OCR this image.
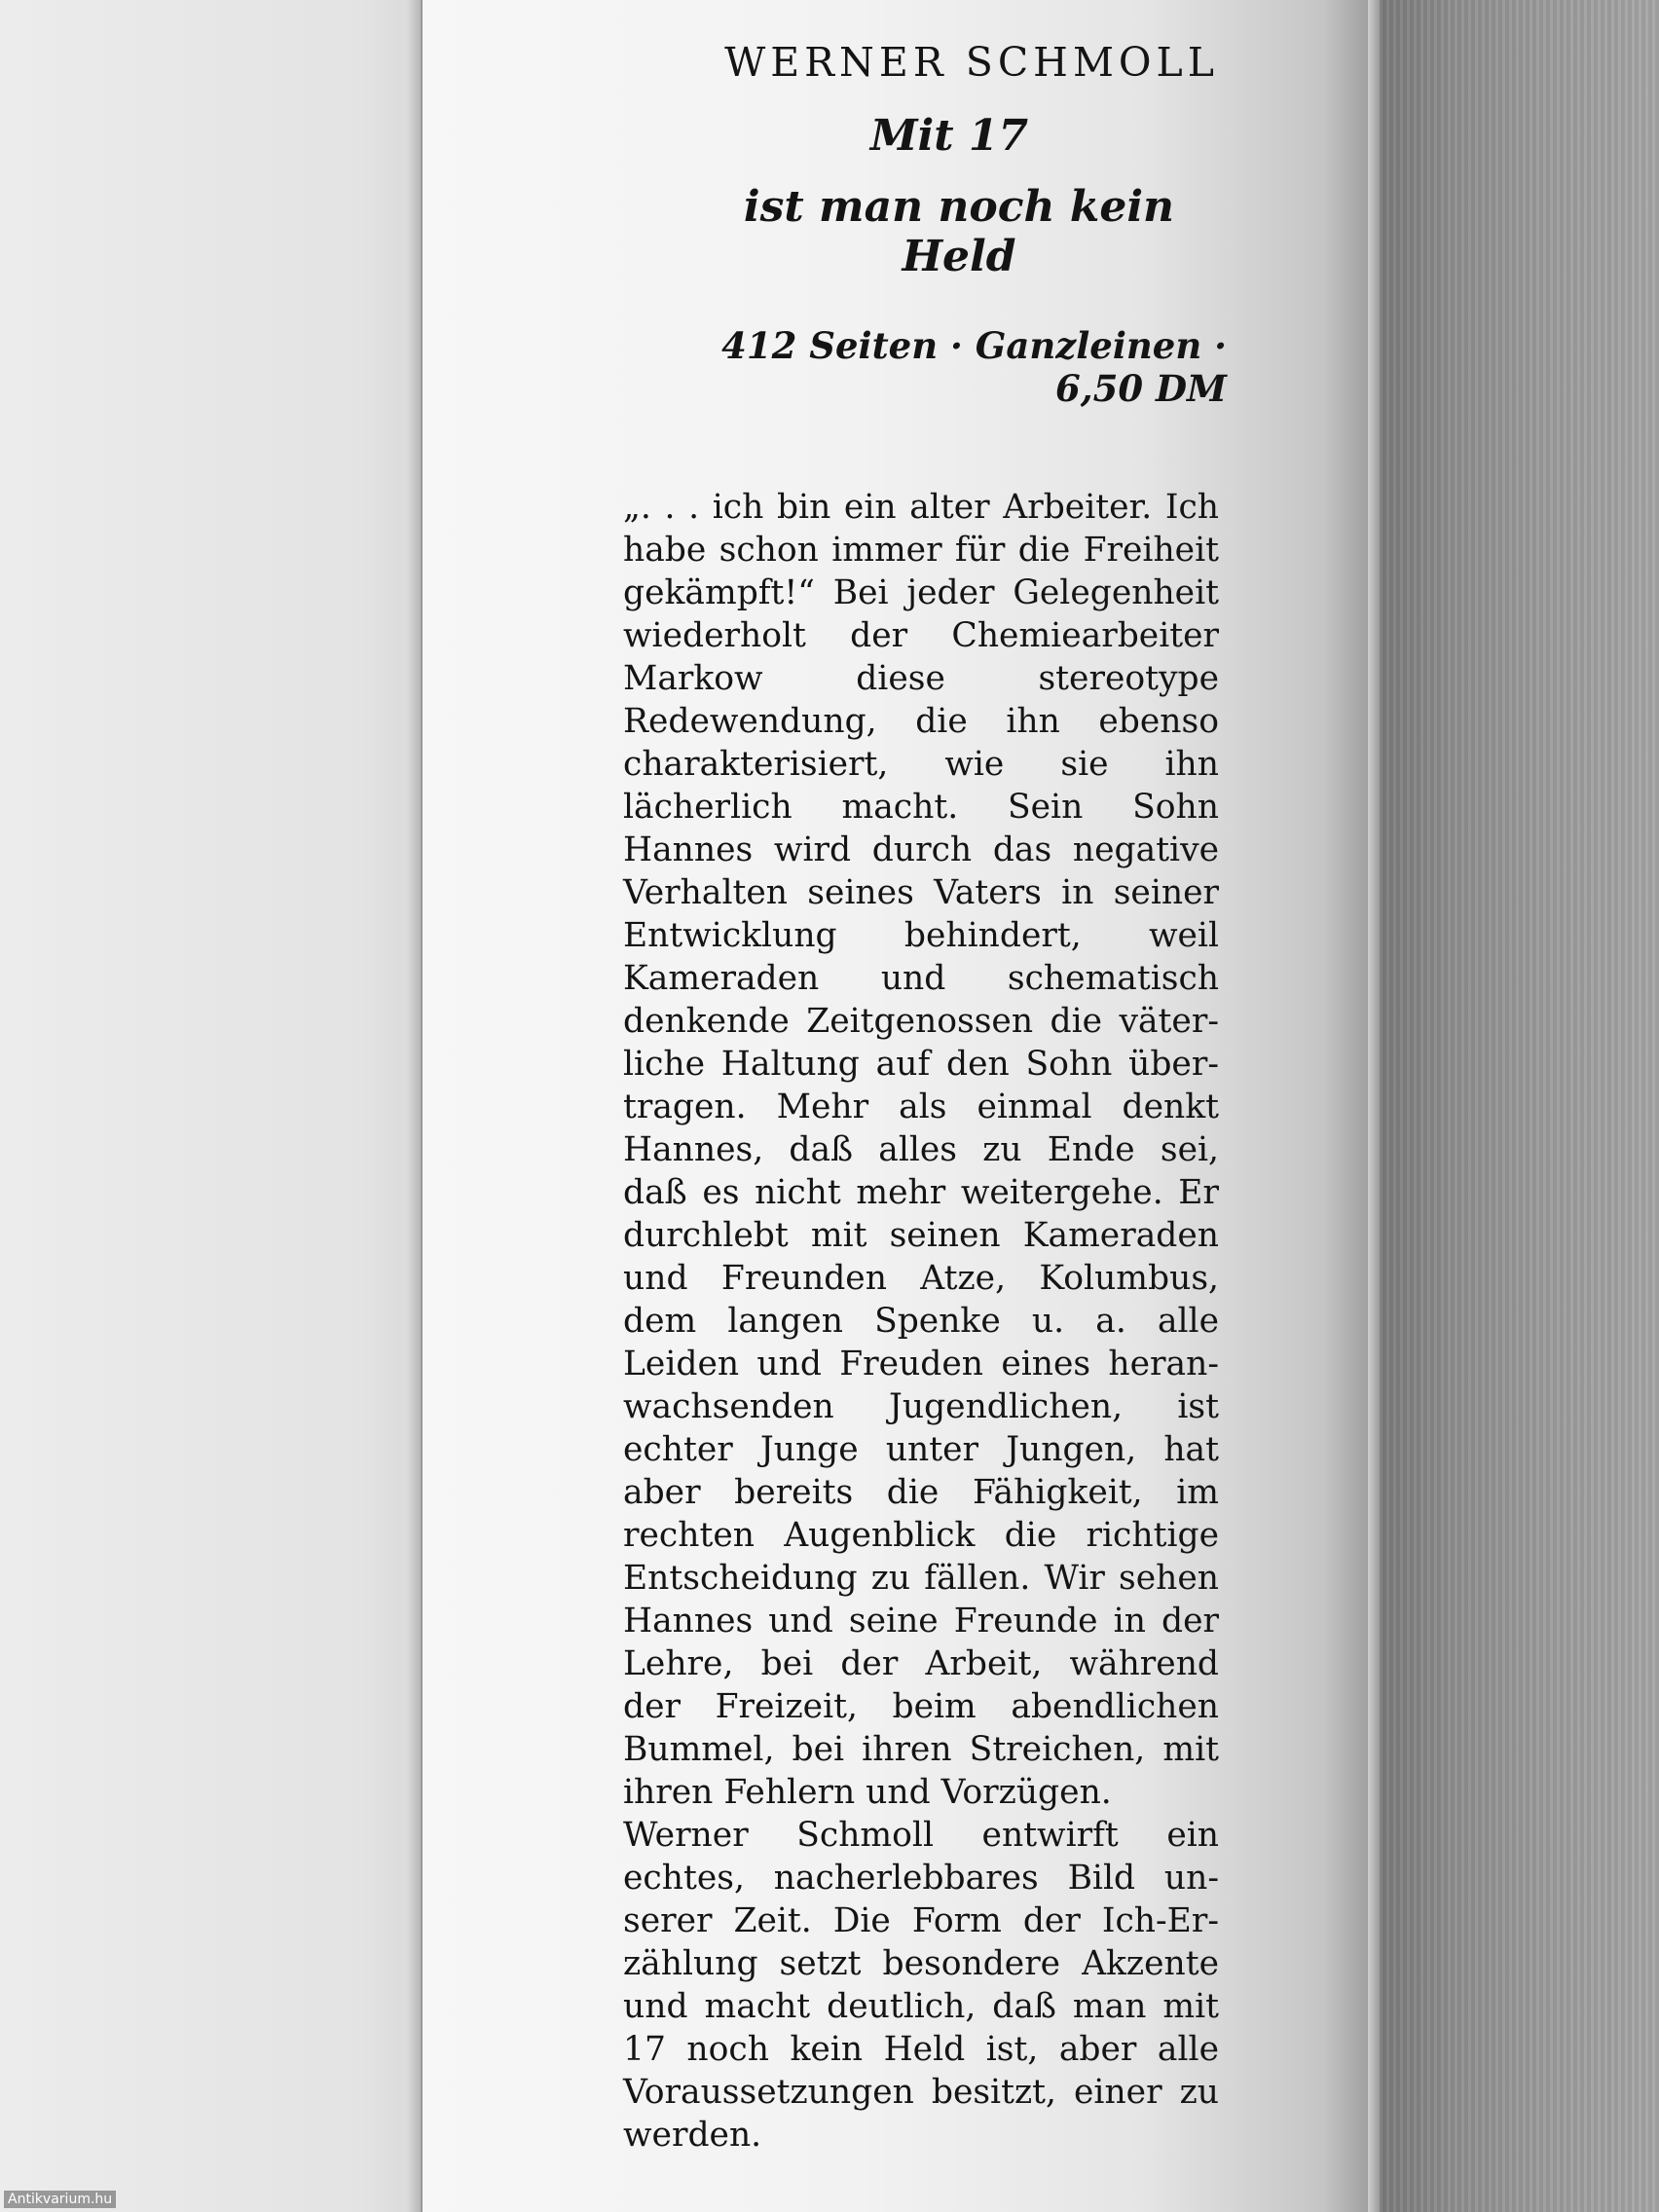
WERNER SCHMOLL

Mit 17

ist man noch kein Held

412 Seiten · Ganzleinen · 6,50 DM

„. . . ich bin ein alter Arbeiter. Ich habe schon immer für die Freiheit gekämpft!“ Bei jeder Gelegenheit wiederholt der Chemiearbeiter Markow diese stereotype Redewendung, die ihn ebenso charakterisiert, wie sie ihn lächerlich macht. Sein Sohn Hannes wird durch das negative Verhalten seines Vaters in seiner Entwicklung behindert, weil Kameraden und schematisch denkende Zeitgenossen die väterliche Haltung auf den Sohn übertragen. Mehr als einmal denkt Hannes, daß alles zu Ende sei, daß es nicht mehr weitergehe. Er durchlebt mit seinen Kameraden und Freunden Atze, Kolumbus, dem langen Spenke u. a. alle Leiden und Freuden eines heranwachsenden Jugendlichen, ist echter Junge unter Jungen, hat aber bereits die Fähigkeit, im rechten Augenblick die richtige Entscheidung zu fällen. Wir sehen Hannes und seine Freunde in der Lehre, bei der Arbeit, während der Freizeit, beim abendlichen Bummel, bei ihren Streichen, mit ihren Fehlern und Vorzügen.

Werner Schmoll entwirft ein echtes, nacherlebbares Bild unserer Zeit. Die Form der Ich-Erzählung setzt besondere Akzente und macht deutlich, daß man mit 17 noch kein Held ist, aber alle Voraussetzungen besitzt, einer zu werden.

Antikvarium.hu
